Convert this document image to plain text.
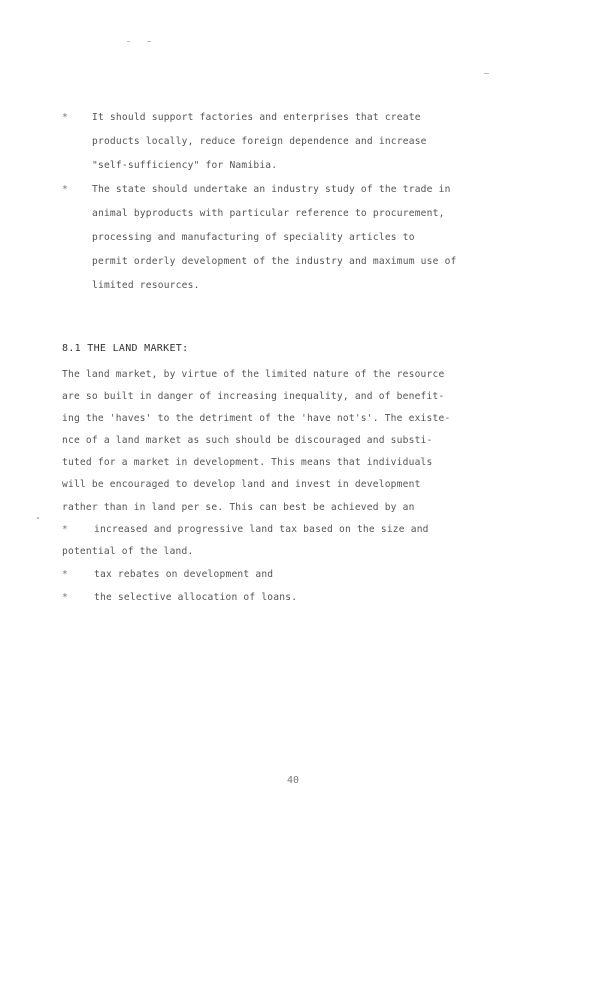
*	It should support factories and enterprises that create
products locally, reduce foreign dependence and increase
"self-sufficiency" for Namibia.
*	The state should undertake an industry study of the trade in
animal byproducts with particular reference to procurement,
processing and manufacturing of speciality articles to
permit orderly development of the industry and maximum use of
limited resources.
8.1 THE LAND MARKET:
The land market, by virtue of the limited nature of the resource
are so built in danger of increasing inequality, and of benefit-
ing the 'haves' to the detriment of the 'have not's'. The existe-
nce of a land market as such should be discouraged and substi-
tuted for a market in development. This means that individuals
will be encouraged to develop land and invest in development
rather than in land per se. This can best be achieved by an
*	increased and progressive land tax based on the size and
potential of the land.
*	tax rebates on development and
*	the selective allocation of loans.
40
